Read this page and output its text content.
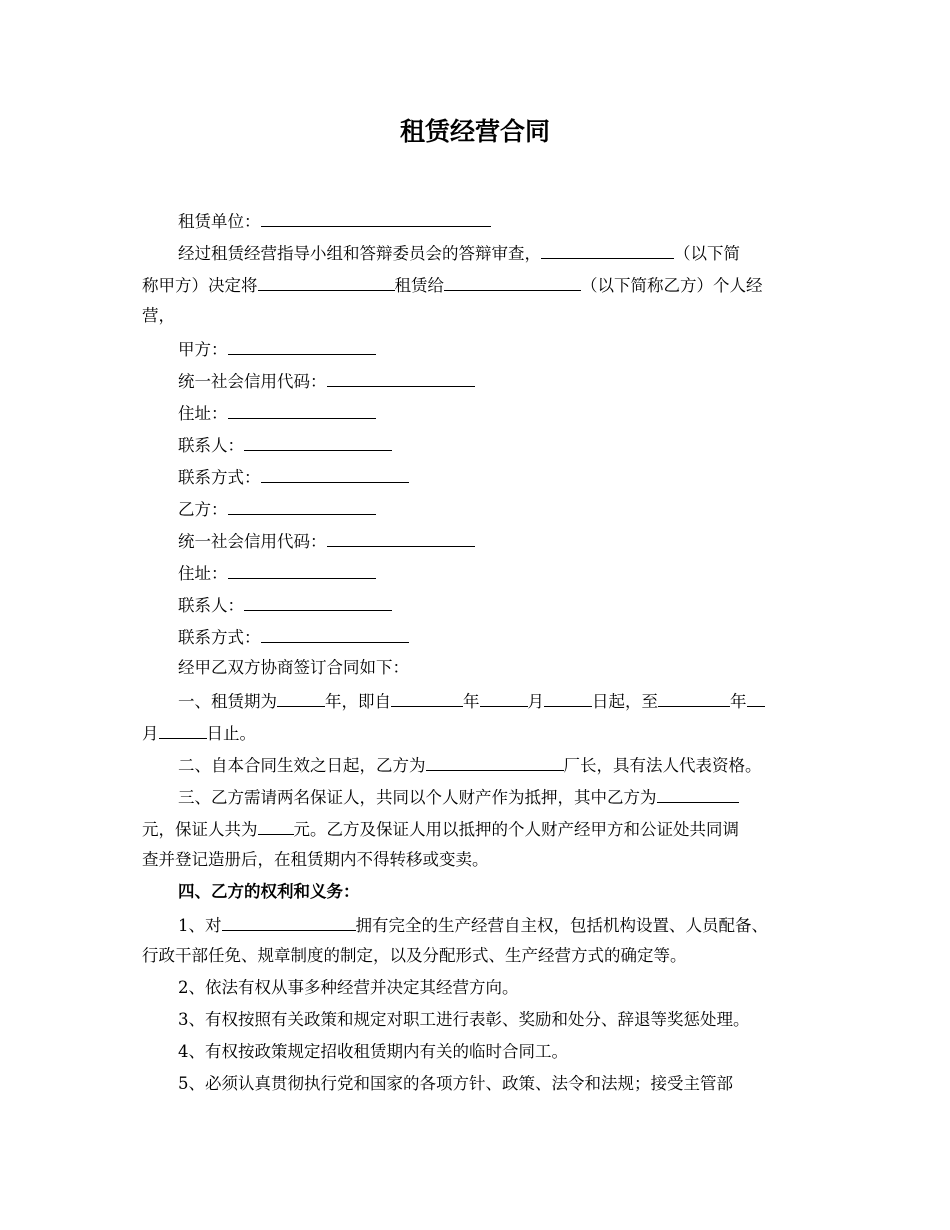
租赁经营合同
租赁单位：
经过租赁经营指导小组和答辩委员会的答辩审查，	（以下简
称甲方）决定将	租赁给	（以下简称乙方）个人经
营，
甲方：
统一社会信用代码：
住址：
联系人：
联系方式：
乙方：
统一社会信用代码：
住址：
联系人：
联系方式：
经甲乙双方协商签订合同如下：
一、租赁期为	年，即自	年	月	日起，至	年
月	日止。
二、自本合同生效之日起，乙方为	厂长，具有法人代表资格。
三、乙方需请两名保证人，共同以个人财产作为抵押，其中乙方为
元，保证人共为 元。乙方及保证人用以抵押的个人财产经甲方和公证处共同调
查并登记造册后，在租赁期内不得转移或变卖。
四、乙方的权利和义务：
1、对	拥有完全的生产经营自主权，包括机构设置、人员配备、
行政干部任免、规章制度的制定，以及分配形式、生产经营方式的确定等。
2、依法有权从事多种经营并决定其经营方向。
3、有权按照有关政策和规定对职工进行表彰、奖励和处分、辞退等奖惩处理。
4、有权按政策规定招收租赁期内有关的临时合同工。
5、必须认真贯彻执行党和国家的各项方针、政策、法令和法规；接受主管部
